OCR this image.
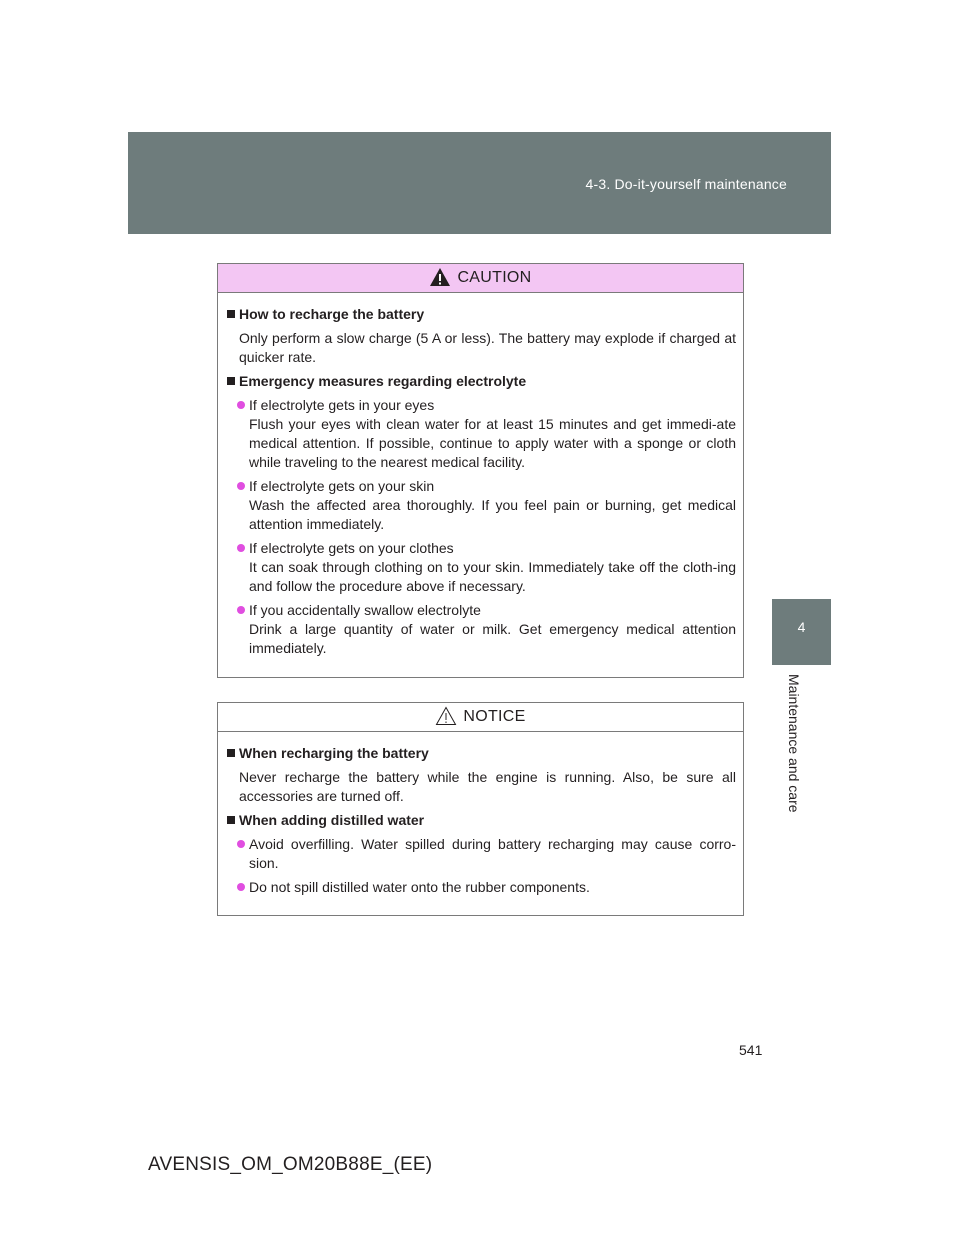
4-3. Do-it-yourself maintenance
4
Maintenance and care
CAUTION
How to recharge the battery
Only perform a slow charge (5 A or less). The battery may explode if charged at quicker rate.
Emergency measures regarding electrolyte
If electrolyte gets in your eyes
Flush your eyes with clean water for at least 15 minutes and get immedi-ate medical attention. If possible, continue to apply water with a sponge or cloth while traveling to the nearest medical facility.
If electrolyte gets on your skin
Wash the affected area thoroughly. If you feel pain or burning, get medical attention immediately.
If electrolyte gets on your clothes
It can soak through clothing on to your skin. Immediately take off the cloth-ing and follow the procedure above if necessary.
If you accidentally swallow electrolyte
Drink a large quantity of water or milk. Get emergency medical attention immediately.
NOTICE
When recharging the battery
Never recharge the battery while the engine is running. Also, be sure all accessories are turned off.
When adding distilled water
Avoid overfilling. Water spilled during battery recharging may cause corro-sion.
Do not spill distilled water onto the rubber components.
541
AVENSIS_OM_OM20B88E_(EE)
